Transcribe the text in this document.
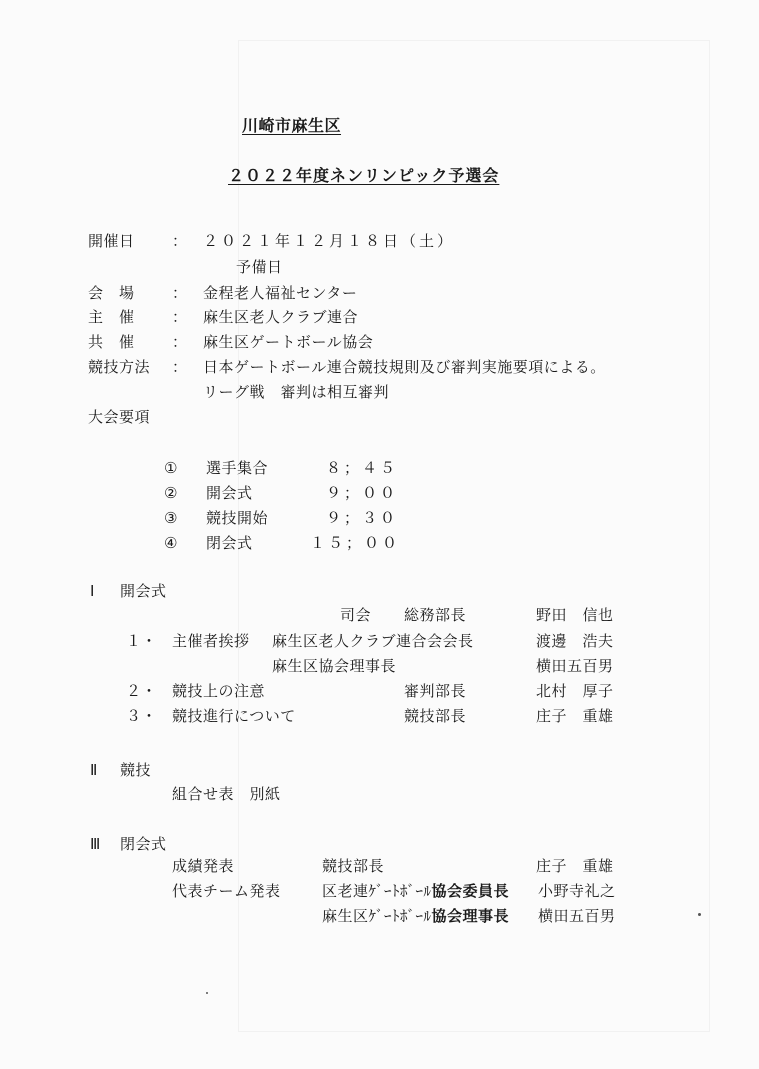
川崎市麻生区
２０２２年度ネンリンピック予選会
開催日 ： ２０２１年１２月１８日（土）
予備日
会　場 ： 金程老人福祉センター
主　催 ： 麻生区老人クラブ連合
共　催 ： 麻生区ゲートボール協会
競技方法 ： 日本ゲートボール連合競技規則及び審判実施要項による。
リーグ戦　審判は相互審判
大会要項
① 選手集合	８；４５
② 開会式	９；００
③ 競技開始	９；３０
④ 閉会式	１５；００
Ⅰ 開会式
司会 総務部長	野田　信也
１・ 主催者挨拶 麻生区老人クラブ連合会会長	渡邊　浩夫
麻生区協会理事長	横田五百男
２・ 競技上の注意	審判部長	北村　厚子
３・ 競技進行について	競技部長	庄子　重雄
Ⅱ 競技
組合せ表　別紙
Ⅲ 閉会式
成績発表	競技部長	庄子　重雄
代表チーム発表	区老連ｹﾞｰﾄﾎﾞｰﾙ協会委員長 小野寺礼之
麻生区ｹﾞｰﾄﾎﾞｰﾙ協会理事長 横田五百男
